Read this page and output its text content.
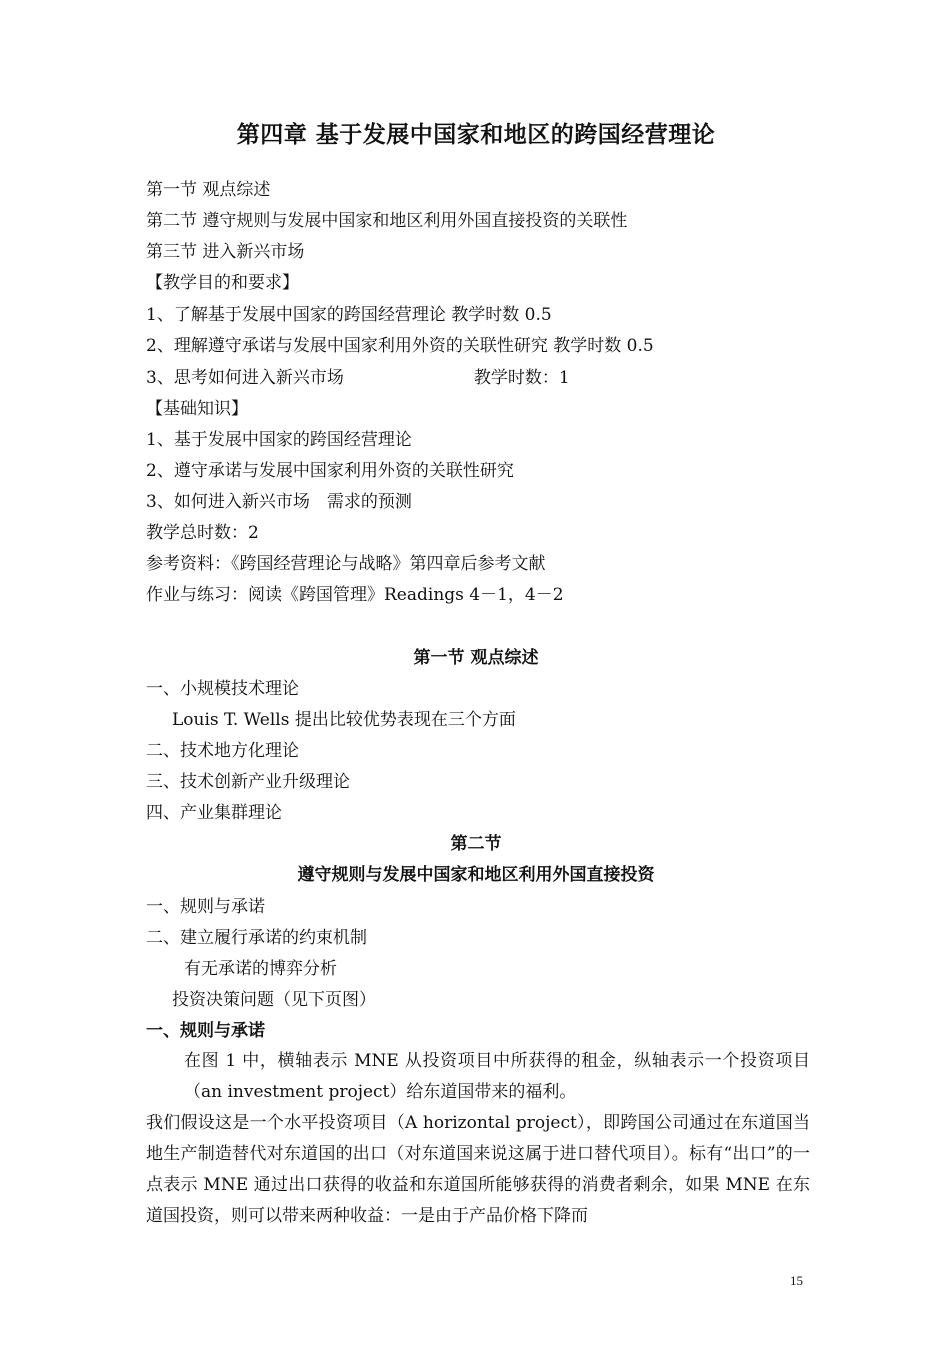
第四章 基于发展中国家和地区的跨国经营理论
第一节 观点综述
第二节 遵守规则与发展中国家和地区利用外国直接投资的关联性
第三节 进入新兴市场
【教学目的和要求】
1、了解基于发展中国家的跨国经营理论 教学时数 0.5
2、理解遵守承诺与发展中国家利用外资的关联性研究 教学时数 0.5
3、思考如何进入新兴市场	教学时数：1
【基础知识】
1、基于发展中国家的跨国经营理论
2、遵守承诺与发展中国家利用外资的关联性研究
3、如何进入新兴市场　需求的预测
教学总时数：2
参考资料：《跨国经营理论与战略》第四章后参考文献
作业与练习：阅读《跨国管理》Readings 4－1，4－2
第一节 观点综述
一、小规模技术理论
Louis T. Wells 提出比较优势表现在三个方面
二、技术地方化理论
三、技术创新产业升级理论
四、产业集群理论
第二节
遵守规则与发展中国家和地区利用外国直接投资
一、规则与承诺
二、建立履行承诺的约束机制
有无承诺的博弈分析
投资决策问题（见下页图）
一、规则与承诺
在图 1 中，横轴表示 MNE 从投资项目中所获得的租金，纵轴表示一个投资项目（an investment project）给东道国带来的福利。
我们假设这是一个水平投资项目（A horizontal project），即跨国公司通过在东道国当地生产制造替代对东道国的出口（对东道国来说这属于进口替代项目）。标有“出口”的一点表示 MNE 通过出口获得的收益和东道国所能够获得的消费者剩余，如果 MNE 在东道国投资，则可以带来两种收益：一是由于产品价格下降而
15
